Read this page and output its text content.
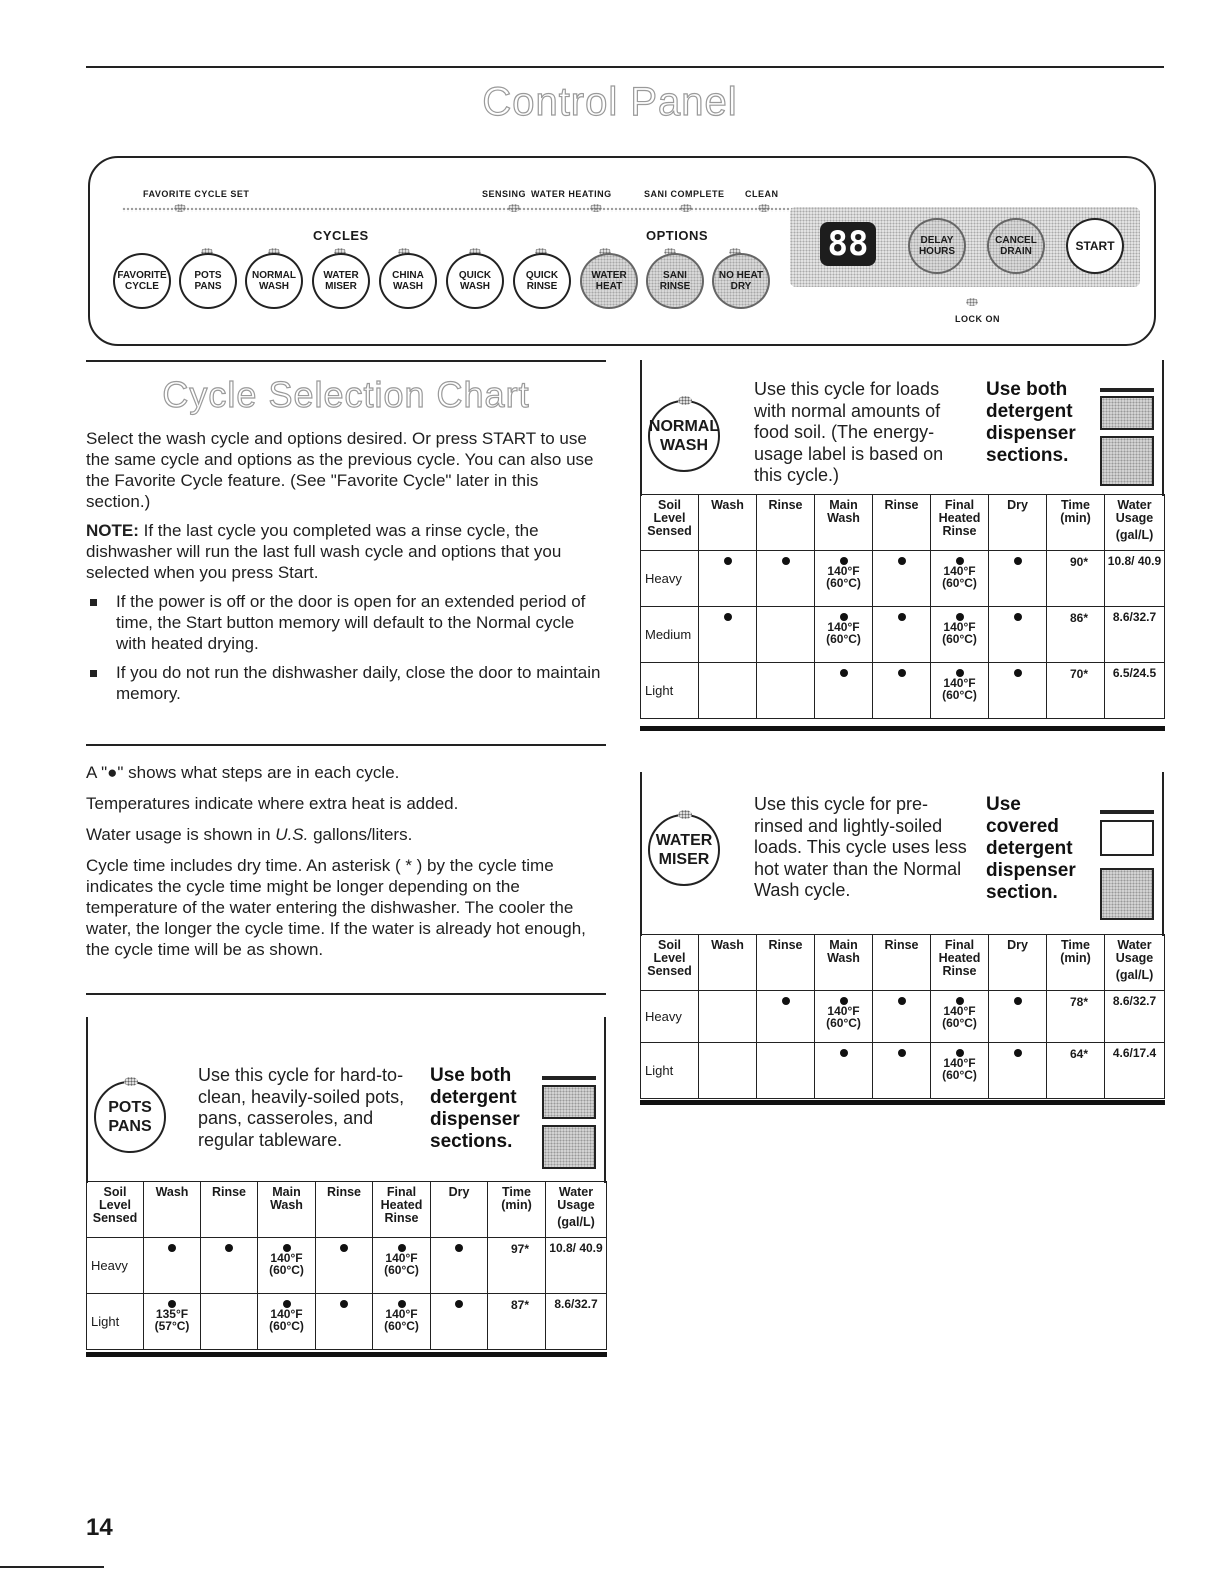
Control Panel
FAVORITE CYCLE SET	SENSING WATER HEATING	SANI COMPLETE CLEAN
CYCLES	OPTIONS
FAVORITE
CYCLE
POTS
PANS
NORMAL
WASH
WATER
MISER
CHINA
WASH
QUICK
WASH
QUICK
RINSE
WATER
HEAT
SANI
RINSE
NO HEAT
DRY
88	DELAY
HOURS
CANCEL
DRAIN	START
LOCK ON
Cycle Selection Chart

Select the wash cycle and options desired. Or press START to use the same cycle and options as the previous cycle. You can also use the Favorite Cycle feature. (See "Favorite Cycle" later in this section.)

NOTE: If the last cycle you completed was a rinse cycle, the dishwasher will run the last full wash cycle and options that you selected when you press Start.

If the power is off or the door is open for an extended period of time, the Start button memory will default to the Normal cycle with heated drying.

If you do not run the dishwasher daily, close the door to maintain memory.

A "●" shows what steps are in each cycle.

Temperatures indicate where extra heat is added.

Water usage is shown in U.S. gallons/liters.

Cycle time includes dry time. An asterisk ( * ) by the cycle time indicates the cycle time might be longer depending on the temperature of the water entering the dishwasher. The cooler the water, the longer the cycle time. If the water is already hot enough, the cycle time will be as shown.

POTS
PANS
Use this cycle for hard-to-clean, heavily-soiled pots, pans, casseroles, and regular tableware.
Use both detergent dispenser sections.
Soil Level Sensed	Wash	Rinse	Main Wash	Rinse	Final Heated Rinse	Dry	Time (min)	Water Usage
(gal/L)

Heavy			140°F (60°C)		140°F (60°C)		97*	10.8/ 40.9

Light	135°F (57°C)		140°F (60°C)		140°F (60°C)		87*	8.6/32.7
NORMAL
WASH
Use this cycle for loads with normal amounts of food soil. (The energy-usage label is based on this cycle.)
Use both detergent dispenser sections.
Soil Level Sensed	Wash	Rinse	Main Wash	Rinse	Final Heated Rinse	Dry	Time (min)	Water Usage
(gal/L)

Heavy			140°F (60°C)		140°F (60°C)		90*	10.8/ 40.9

Medium			140°F (60°C)		140°F (60°C)		86*	8.6/32.7

Light					140°F (60°C)		70*	6.5/24.5
WATER
MISER
Use this cycle for pre-rinsed and lightly-soiled loads. This cycle uses less hot water than the Normal Wash cycle.
Use covered detergent dispenser section.
Soil Level Sensed	Wash	Rinse	Main Wash	Rinse	Final Heated Rinse	Dry	Time (min)	Water Usage
(gal/L)

Heavy			140°F (60°C)		140°F (60°C)		78*	8.6/32.7

Light					140°F (60°C)		64*	4.6/17.4
14
